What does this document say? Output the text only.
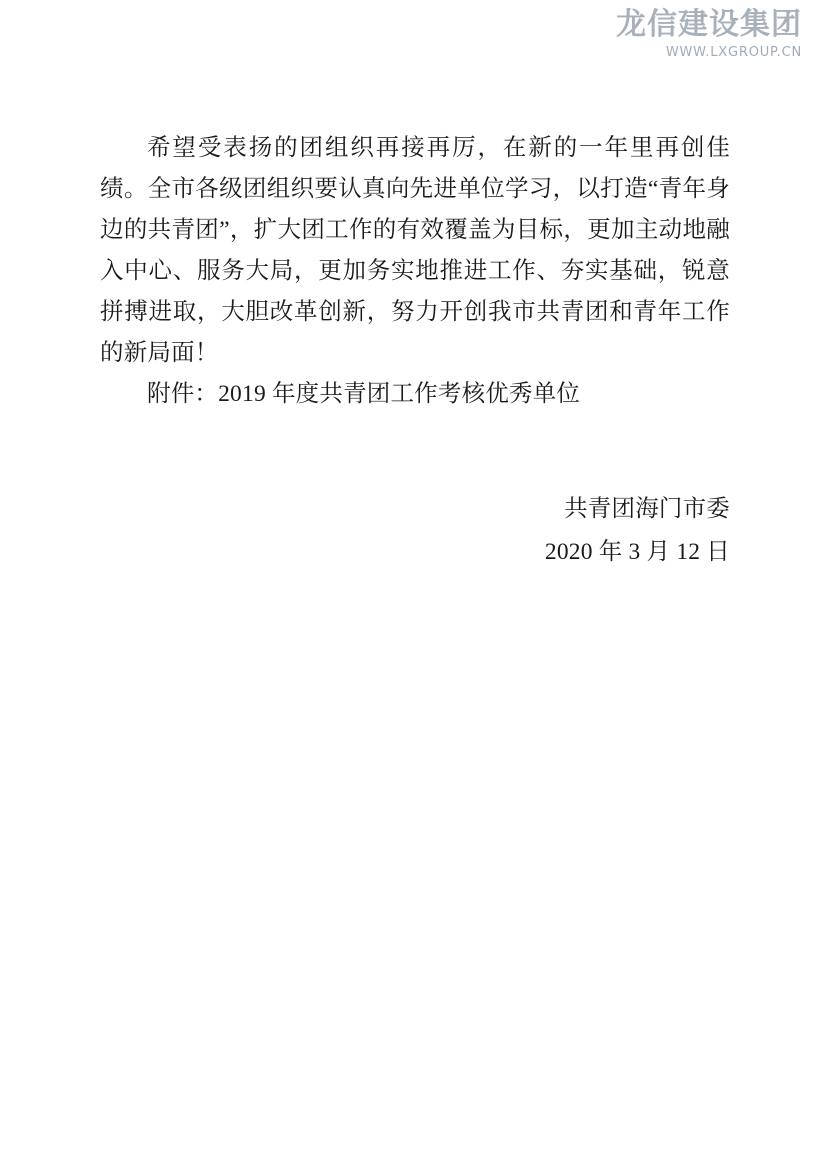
龙信建设集团
WWW.LXGROUP.CN

希望受表扬的团组织再接再厉，在新的一年里再创佳绩。全市各级团组织要认真向先进单位学习，以打造“青年身边的共青团”，扩大团工作的有效覆盖为目标，更加主动地融入中心、服务大局，更加务实地推进工作、夯实基础，锐意拼搏进取，大胆改革创新，努力开创我市共青团和青年工作的新局面！

附件：2019 年度共青团工作考核优秀单位

共青团海门市委
2020 年 3 月 12 日
